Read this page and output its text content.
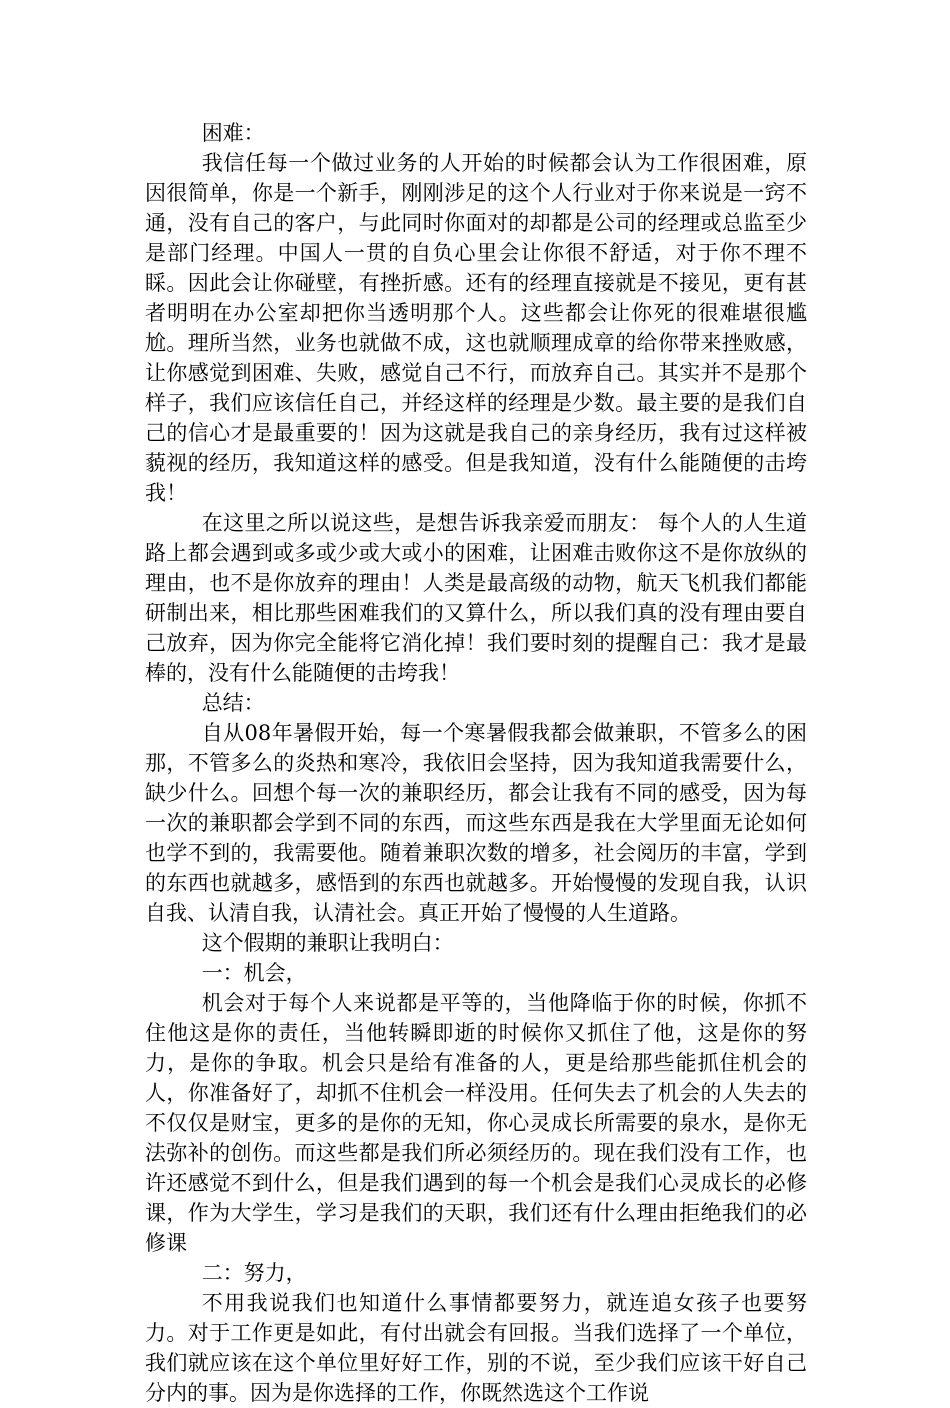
困难：

我信任每一个做过业务的人开始的时候都会认为工作很困难，原因很简单，你是一个新手，刚刚涉足的这个人行业对于你来说是一窍不通，没有自己的客户，与此同时你面对的却都是公司的经理或总监至少是部门经理。中国人一贯的自负心里会让你很不舒适，对于你不理不睬。因此会让你碰壁，有挫折感。还有的经理直接就是不接见，更有甚者明明在办公室却把你当透明那个人。这些都会让你死的很难堪很尴尬。理所当然，业务也就做不成，这也就顺理成章的给你带来挫败感，让你感觉到困难、失败，感觉自己不行，而放弃自己。其实并不是那个样子，我们应该信任自己，并经这样的经理是少数。最主要的是我们自己的信心才是最重要的！因为这就是我自己的亲身经历，我有过这样被藐视的经历，我知道这样的感受。但是我知道，没有什么能随便的击垮我！

在这里之所以说这些，是想告诉我亲爱而朋友： 每个人的人生道路上都会遇到或多或少或大或小的困难，让困难击败你这不是你放纵的理由，也不是你放弃的理由！人类是最高级的动物，航天飞机我们都能研制出来，相比那些困难我们的又算什么，所以我们真的没有理由要自己放弃，因为你完全能将它消化掉！我们要时刻的提醒自己：我才是最棒的，没有什么能随便的击垮我！

总结：

自从08年暑假开始，每一个寒暑假我都会做兼职，不管多么的困那，不管多么的炎热和寒冷，我依旧会坚持，因为我知道我需要什么，缺少什么。回想个每一次的兼职经历，都会让我有不同的感受，因为每一次的兼职都会学到不同的东西，而这些东西是我在大学里面无论如何也学不到的，我需要他。随着兼职次数的增多，社会阅历的丰富，学到的东西也就越多，感悟到的东西也就越多。开始慢慢的发现自我，认识自我、认清自我，认清社会。真正开始了慢慢的人生道路。

这个假期的兼职让我明白：

一：机会，

机会对于每个人来说都是平等的，当他降临于你的时候，你抓不住他这是你的责任，当他转瞬即逝的时候你又抓住了他，这是你的努力，是你的争取。机会只是给有准备的人，更是给那些能抓住机会的人，你准备好了，却抓不住机会一样没用。任何失去了机会的人失去的不仅仅是财宝，更多的是你的无知，你心灵成长所需要的泉水，是你无法弥补的创伤。而这些都是我们所必须经历的。现在我们没有工作，也许还感觉不到什么，但是我们遇到的每一个机会是我们心灵成长的必修课，作为大学生，学习是我们的天职，我们还有什么理由拒绝我们的必修课

二：努力，

不用我说我们也知道什么事情都要努力，就连追女孩子也要努力。对于工作更是如此，有付出就会有回报。当我们选择了一个单位，我们就应该在这个单位里好好工作，别的不说，至少我们应该干好自己分内的事。因为是你选择的工作，你既然选这个工作说
